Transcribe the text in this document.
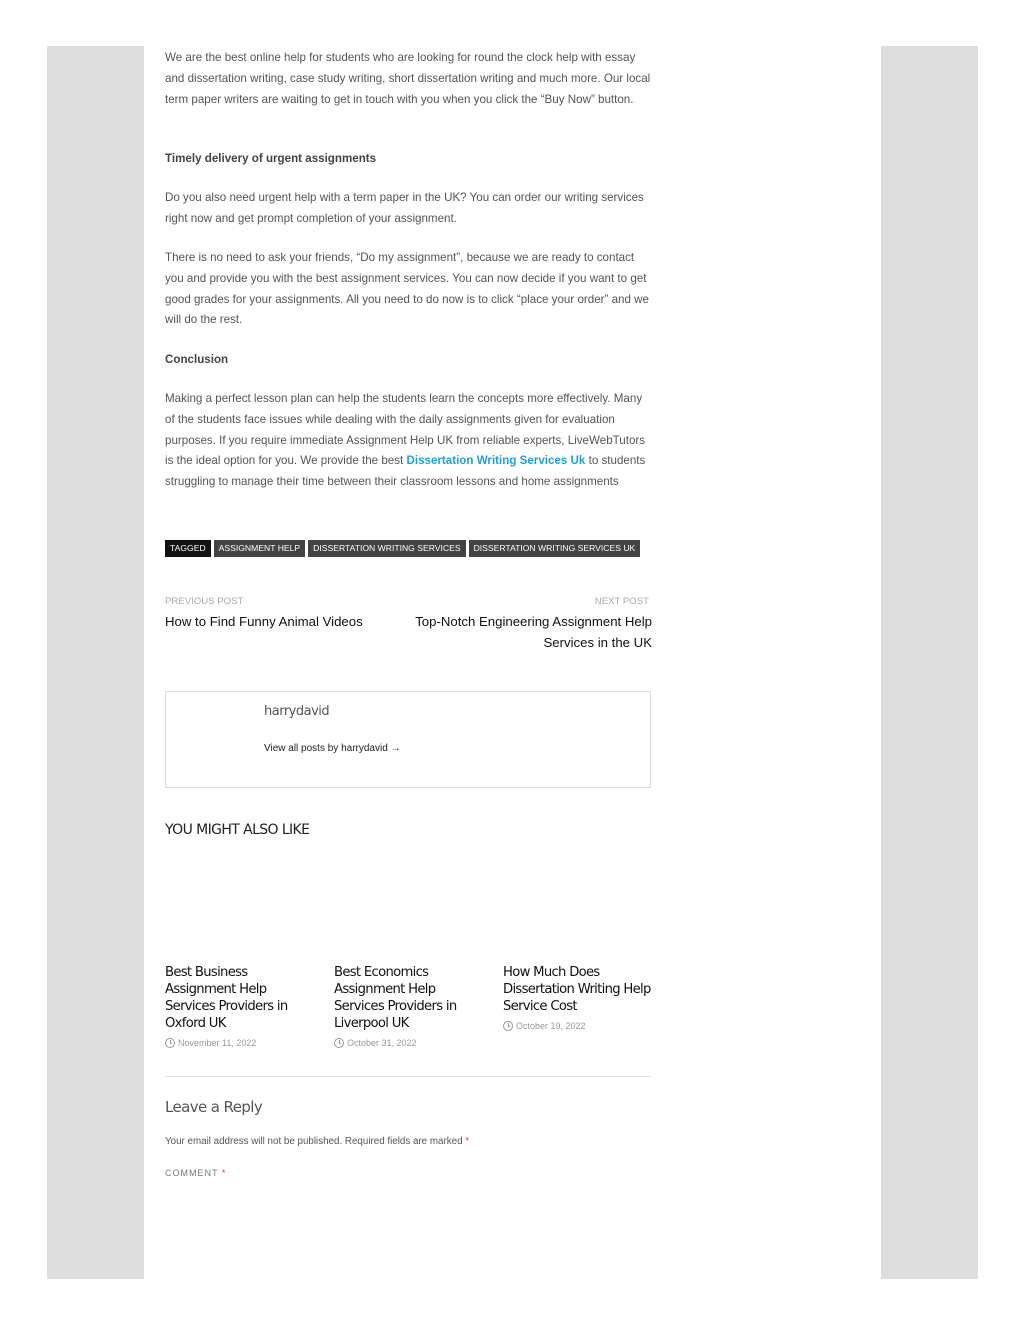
We are the best online help for students who are looking for round the clock help with essay and dissertation writing, case study writing, short dissertation writing and much more. Our local term paper writers are waiting to get in touch with you when you click the “Buy Now” button.

Timely delivery of urgent assignments

Do you also need urgent help with a term paper in the UK? You can order our writing services right now and get prompt completion of your assignment.

There is no need to ask your friends, “Do my assignment”, because we are ready to contact you and provide you with the best assignment services. You can now decide if you want to get good grades for your assignments. All you need to do now is to click “place your order” and we will do the rest.

Conclusion

Making a perfect lesson plan can help the students learn the concepts more effectively. Many of the students face issues while dealing with the daily assignments given for evaluation purposes. If you require immediate Assignment Help UK from reliable experts, LiveWebTutors is the ideal option for you. We provide the best Dissertation Writing Services Uk to students struggling to manage their time between their classroom lessons and home assignments

TAGGED	ASSIGNMENT HELP	DISSERTATION WRITING SERVICES	DISSERTATION WRITING SERVICES UK
PREVIOUS POST
How to Find Funny Animal Videos
NEXT POST
Top-Notch Engineering Assignment Help Services in the UK
harrydavid
View all posts by harrydavid →
YOU MIGHT ALSO LIKE

Best Business Assignment Help Services Providers in Oxford UK

November 11, 2022

Best Economics Assignment Help Services Providers in Liverpool UK

October 31, 2022

How Much Does Dissertation Writing Help Service Cost

October 19, 2022
Leave a Reply
Your email address will not be published. Required fields are marked *
COMMENT *
